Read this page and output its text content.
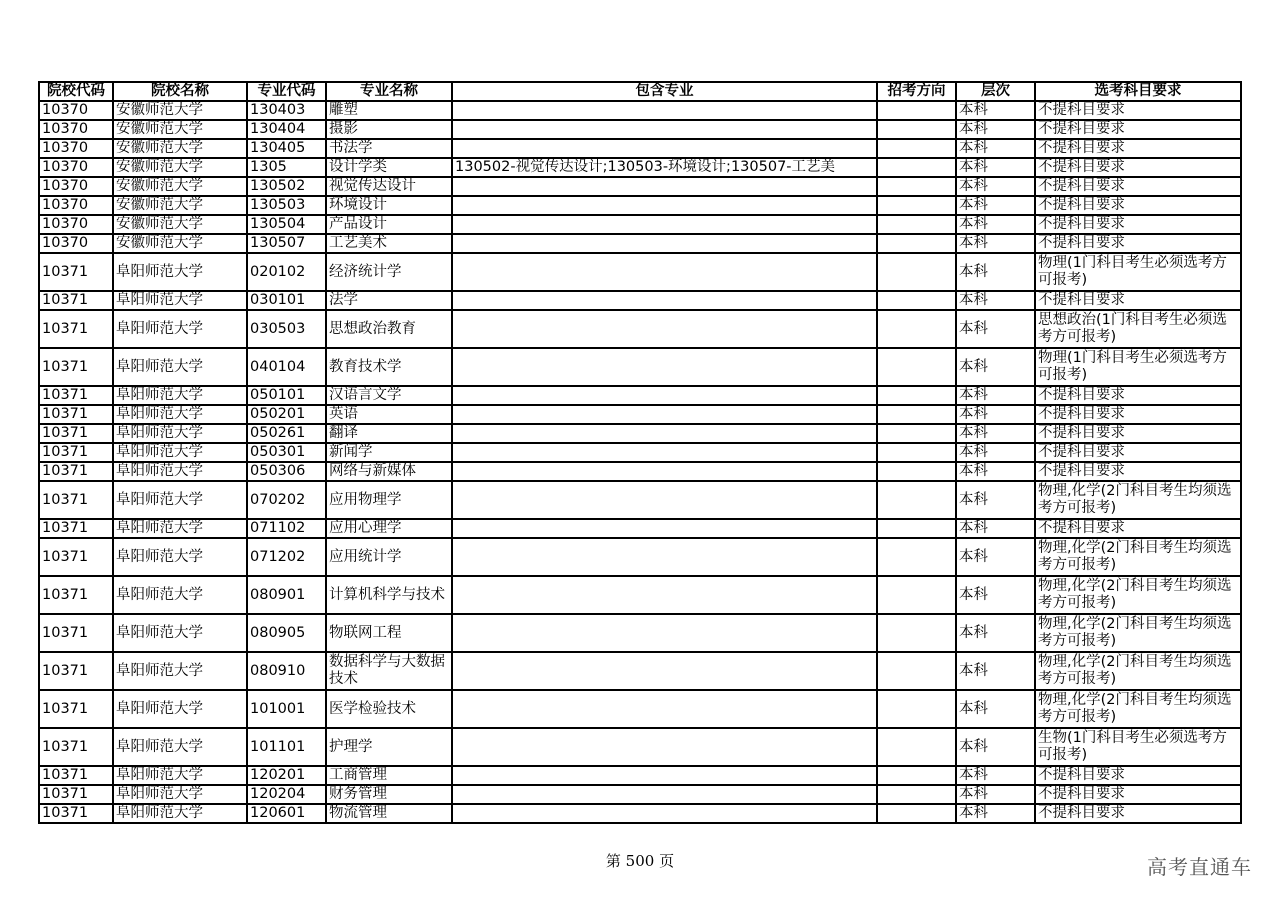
院校代码	院校名称	专业代码	专业名称	包含专业	招考方向	层次	选考科目要求
10370	安徽师范大学	130403	雕塑			本科	不提科目要求
10370	安徽师范大学	130404	摄影			本科	不提科目要求
10370	安徽师范大学	130405	书法学			本科	不提科目要求
10370	安徽师范大学	1305	设计学类	130502-视觉传达设计;130503-环境设计;130507-工艺美		本科	不提科目要求
10370	安徽师范大学	130502	视觉传达设计			本科	不提科目要求
10370	安徽师范大学	130503	环境设计			本科	不提科目要求
10370	安徽师范大学	130504	产品设计			本科	不提科目要求
10370	安徽师范大学	130507	工艺美术			本科	不提科目要求
10371	阜阳师范大学	020102	经济统计学			本科	物理(1门科目考生必须选考方可报考)
10371	阜阳师范大学	030101	法学			本科	不提科目要求
10371	阜阳师范大学	030503	思想政治教育			本科	思想政治(1门科目考生必须选考方可报考)
10371	阜阳师范大学	040104	教育技术学			本科	物理(1门科目考生必须选考方可报考)
10371	阜阳师范大学	050101	汉语言文学			本科	不提科目要求
10371	阜阳师范大学	050201	英语			本科	不提科目要求
10371	阜阳师范大学	050261	翻译			本科	不提科目要求
10371	阜阳师范大学	050301	新闻学			本科	不提科目要求
10371	阜阳师范大学	050306	网络与新媒体			本科	不提科目要求
10371	阜阳师范大学	070202	应用物理学			本科	物理,化学(2门科目考生均须选考方可报考)
10371	阜阳师范大学	071102	应用心理学			本科	不提科目要求
10371	阜阳师范大学	071202	应用统计学			本科	物理,化学(2门科目考生均须选考方可报考)
10371	阜阳师范大学	080901	计算机科学与技术			本科	物理,化学(2门科目考生均须选考方可报考)
10371	阜阳师范大学	080905	物联网工程			本科	物理,化学(2门科目考生均须选考方可报考)
10371	阜阳师范大学	080910	数据科学与大数据技术			本科	物理,化学(2门科目考生均须选考方可报考)
10371	阜阳师范大学	101001	医学检验技术			本科	物理,化学(2门科目考生均须选考方可报考)
10371	阜阳师范大学	101101	护理学			本科	生物(1门科目考生必须选考方可报考)
10371	阜阳师范大学	120201	工商管理			本科	不提科目要求
10371	阜阳师范大学	120204	财务管理			本科	不提科目要求
10371	阜阳师范大学	120601	物流管理			本科	不提科目要求
第 500 页	高考直通车
